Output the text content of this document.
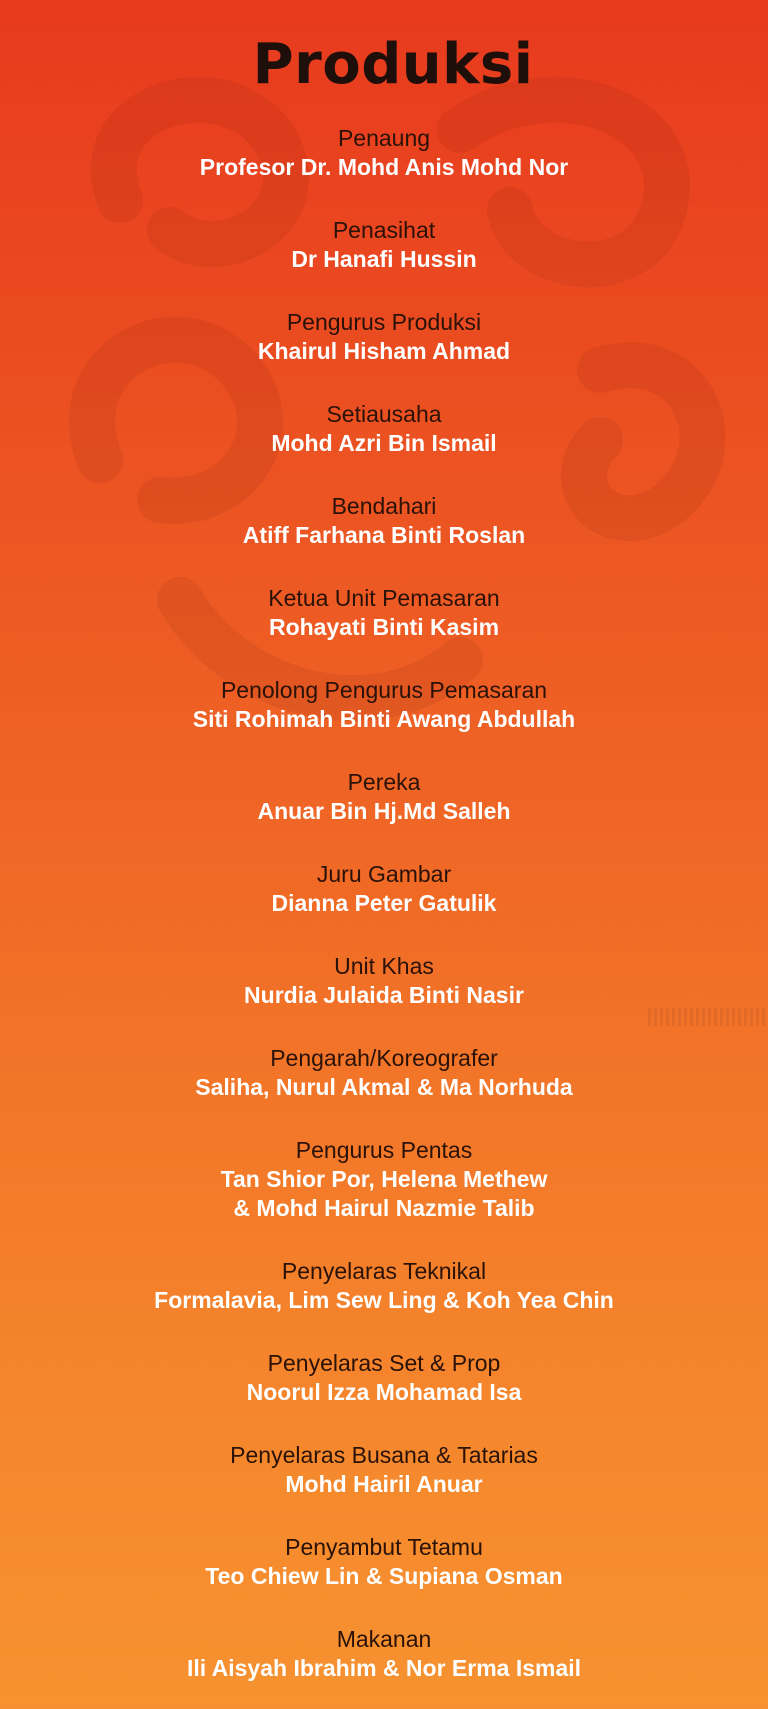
Produksi
Penaung
Profesor Dr. Mohd Anis Mohd Nor
Penasihat
Dr Hanafi Hussin
Pengurus Produksi
Khairul Hisham Ahmad
Setiausaha
Mohd Azri Bin Ismail
Bendahari
Atiff Farhana Binti Roslan
Ketua Unit Pemasaran
Rohayati Binti Kasim
Penolong Pengurus Pemasaran
Siti Rohimah Binti Awang Abdullah
Pereka
Anuar Bin Hj.Md Salleh
Juru Gambar
Dianna Peter Gatulik
Unit Khas
Nurdia Julaida Binti Nasir
Pengarah/Koreografer
Saliha, Nurul Akmal & Ma Norhuda
Pengurus Pentas
Tan Shior Por, Helena Methew
& Mohd Hairul Nazmie Talib
Penyelaras Teknikal
Formalavia, Lim Sew Ling & Koh Yea Chin
Penyelaras Set & Prop
Noorul Izza Mohamad Isa
Penyelaras Busana & Tatarias
Mohd Hairil Anuar
Penyambut Tetamu
Teo Chiew Lin & Supiana Osman
Makanan
Ili Aisyah Ibrahim & Nor Erma Ismail
